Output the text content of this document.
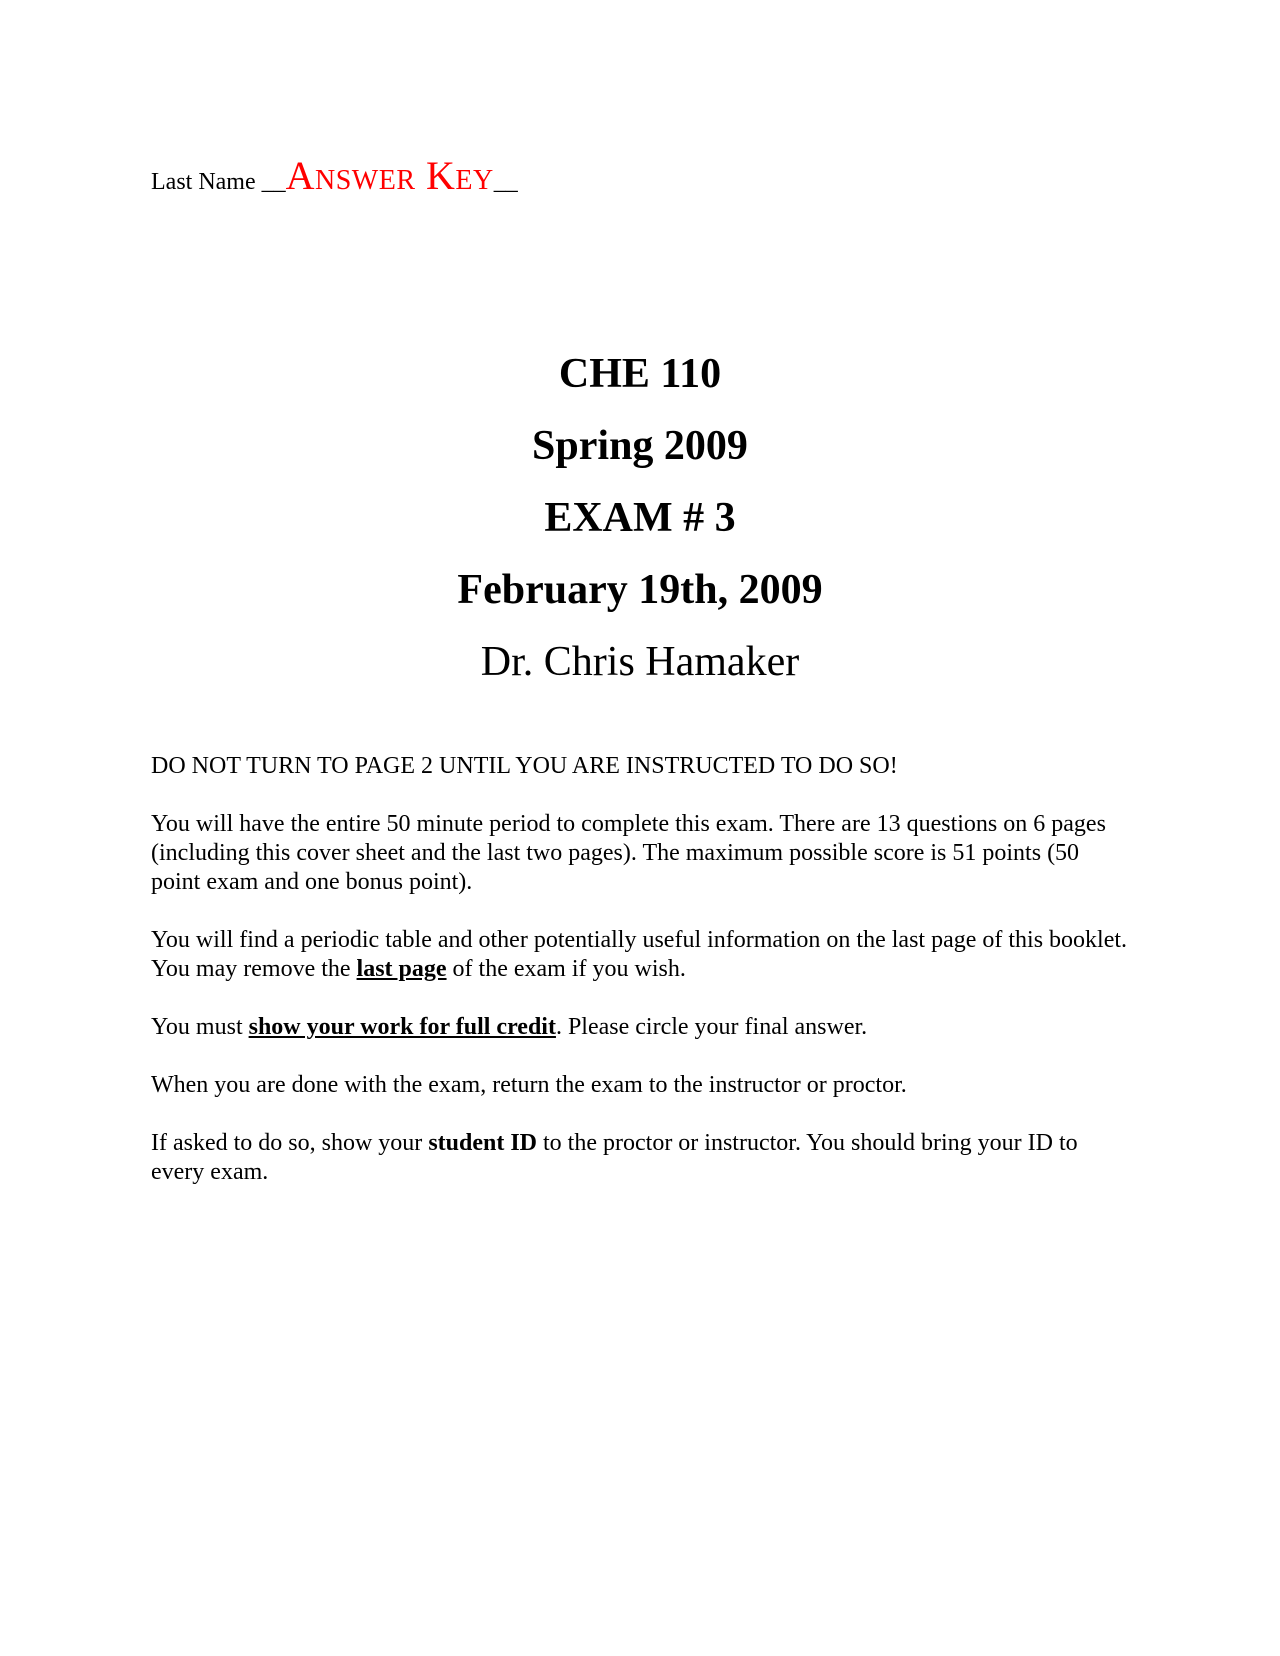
Last Name __Answer Key__
CHE 110
Spring 2009
EXAM # 3
February 19th, 2009
Dr. Chris Hamaker

DO NOT TURN TO PAGE 2 UNTIL YOU ARE INSTRUCTED TO DO SO!

You will have the entire 50 minute period to complete this exam. There are 13 questions on 6 pages (including this cover sheet and the last two pages). The maximum possible score is 51 points (50 point exam and one bonus point).

You will find a periodic table and other potentially useful information on the last page of this booklet. You may remove the last page of the exam if you wish.

You must show your work for full credit. Please circle your final answer.

When you are done with the exam, return the exam to the instructor or proctor.

If asked to do so, show your student ID to the proctor or instructor. You should bring your ID to every exam.
